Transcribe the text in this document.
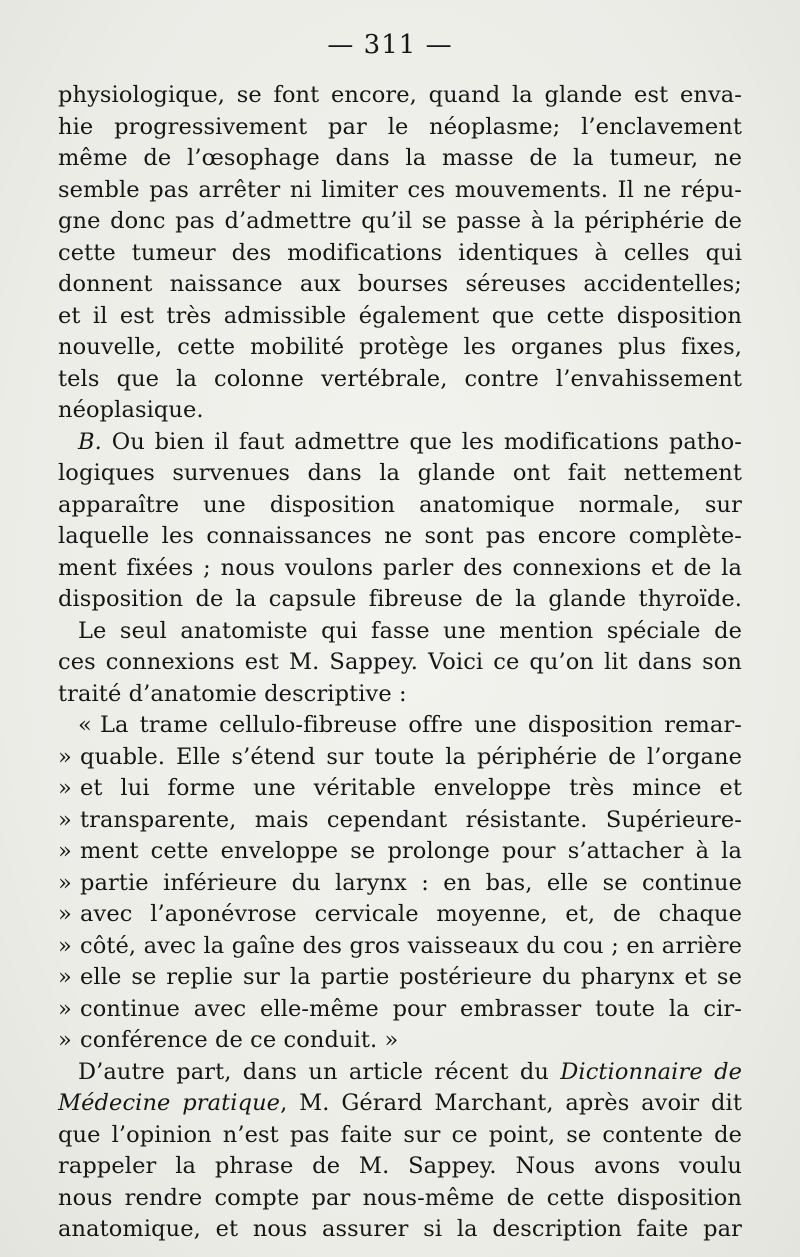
— 311 —
physiologique, se font encore, quand la glande est enva-
hie progressivement par le néoplasme; l’enclavement
même de l’œsophage dans la masse de la tumeur, ne
semble pas arrêter ni limiter ces mouvements. Il ne répu-
gne donc pas d’admettre qu’il se passe à la périphérie de
cette tumeur des modifications identiques à celles qui
donnent naissance aux bourses séreuses accidentelles;
et il est très admissible également que cette disposition
nouvelle, cette mobilité protège les organes plus fixes,
tels que la colonne vertébrale, contre l’envahissement
néoplasique.
B. Ou bien il faut admettre que les modifications patho-
logiques survenues dans la glande ont fait nettement
apparaître une disposition anatomique normale, sur
laquelle les connaissances ne sont pas encore complète-
ment fixées ; nous voulons parler des connexions et de la
disposition de la capsule fibreuse de la glande thyroïde.
Le seul anatomiste qui fasse une mention spéciale de
ces connexions est M. Sappey. Voici ce qu’on lit dans son
traité d’anatomie descriptive :
« La trame cellulo-fibreuse offre une disposition remar-
» quable. Elle s’étend sur toute la périphérie de l’organe
» et lui forme une véritable enveloppe très mince et
» transparente, mais cependant résistante. Supérieure-
» ment cette enveloppe se prolonge pour s’attacher à la
» partie inférieure du larynx : en bas, elle se continue
» avec l’aponévrose cervicale moyenne, et, de chaque
» côté, avec la gaîne des gros vaisseaux du cou ; en arrière
» elle se replie sur la partie postérieure du pharynx et se
» continue avec elle-même pour embrasser toute la cir-
» conférence de ce conduit. »
D’autre part, dans un article récent du Dictionnaire de
Médecine pratique, M. Gérard Marchant, après avoir dit
que l’opinion n’est pas faite sur ce point, se contente de
rappeler la phrase de M. Sappey. Nous avons voulu
nous rendre compte par nous-même de cette disposition
anatomique, et nous assurer si la description faite par
